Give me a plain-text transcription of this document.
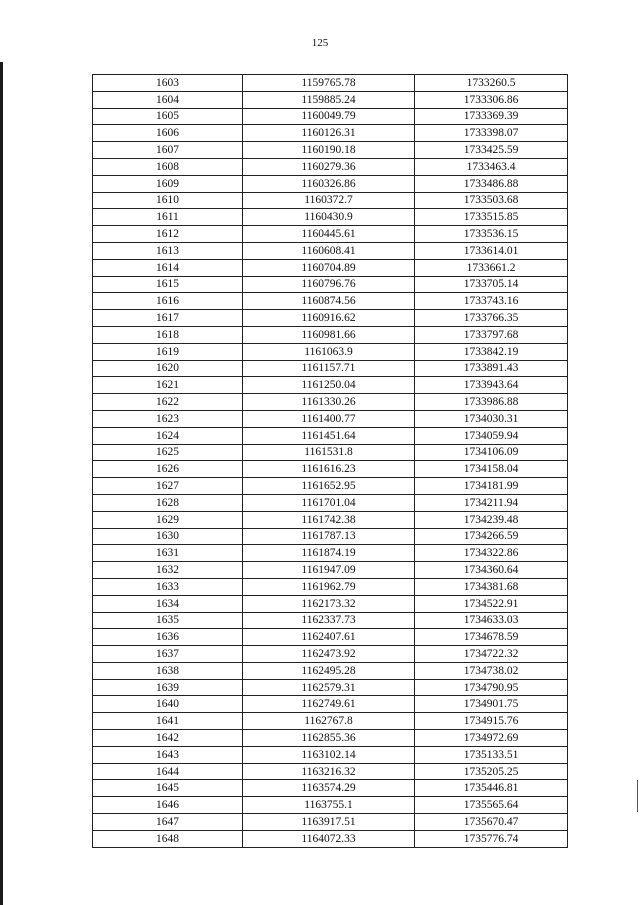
125
1603	1159765.78	1733260.5
1604	1159885.24	1733306.86
1605	1160049.79	1733369.39
1606	1160126.31	1733398.07
1607	1160190.18	1733425.59
1608	1160279.36	1733463.4
1609	1160326.86	1733486.88
1610	1160372.7	1733503.68
1611	1160430.9	1733515.85
1612	1160445.61	1733536.15
1613	1160608.41	1733614.01
1614	1160704.89	1733661.2
1615	1160796.76	1733705.14
1616	1160874.56	1733743.16
1617	1160916.62	1733766.35
1618	1160981.66	1733797.68
1619	1161063.9	1733842.19
1620	1161157.71	1733891.43
1621	1161250.04	1733943.64
1622	1161330.26	1733986.88
1623	1161400.77	1734030.31
1624	1161451.64	1734059.94
1625	1161531.8	1734106.09
1626	1161616.23	1734158.04
1627	1161652.95	1734181.99
1628	1161701.04	1734211.94
1629	1161742.38	1734239.48
1630	1161787.13	1734266.59
1631	1161874.19	1734322.86
1632	1161947.09	1734360.64
1633	1161962.79	1734381.68
1634	1162173.32	1734522.91
1635	1162337.73	1734633.03
1636	1162407.61	1734678.59
1637	1162473.92	1734722.32
1638	1162495.28	1734738.02
1639	1162579.31	1734790.95
1640	1162749.61	1734901.75
1641	1162767.8	1734915.76
1642	1162855.36	1734972.69
1643	1163102.14	1735133.51
1644	1163216.32	1735205.25
1645	1163574.29	1735446.81
1646	1163755.1	1735565.64
1647	1163917.51	1735670.47
1648	1164072.33	1735776.74
